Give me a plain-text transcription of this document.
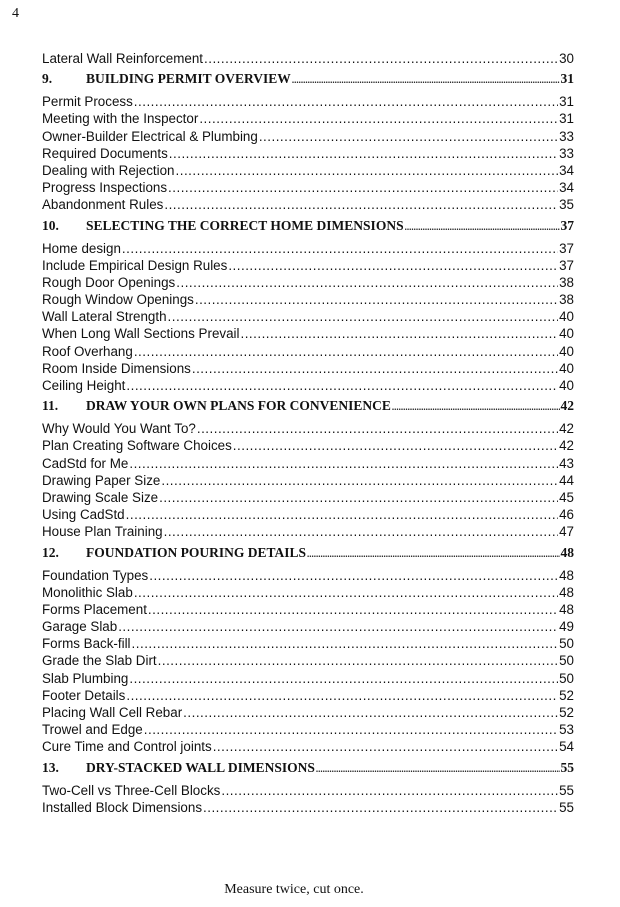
4
Lateral Wall Reinforcement .....	30
9.	BUILDING PERMIT OVERVIEW .....	31
Permit Process .....	31
Meeting with the Inspector .....	31
Owner-Builder Electrical & Plumbing .....	33
Required Documents .....	33
Dealing with Rejection .....	34
Progress Inspections .....	34
Abandonment Rules .....	35
10.	SELECTING THE CORRECT HOME DIMENSIONS .....	37
Home design .....	37
Include Empirical Design Rules .....	37
Rough Door Openings .....	38
Rough Window Openings .....	38
Wall Lateral Strength .....	40
When Long Wall Sections Prevail .....	40
Roof Overhang .....	40
Room Inside Dimensions .....	40
Ceiling Height .....	40
11.	DRAW YOUR OWN PLANS FOR CONVENIENCE .....	42
Why Would You Want To? .....	42
Plan Creating Software Choices .....	42
CadStd for Me .....	43
Drawing Paper Size .....	44
Drawing Scale Size .....	45
Using CadStd .....	46
House Plan Training .....	47
12.	FOUNDATION POURING DETAILS .....	48
Foundation Types .....	48
Monolithic Slab .....	48
Forms Placement .....	48
Garage Slab .....	49
Forms Back-fill .....	50
Grade the Slab Dirt .....	50
Slab Plumbing .....	50
Footer Details .....	52
Placing Wall Cell Rebar .....	52
Trowel and Edge .....	53
Cure Time and Control joints .....	54
13.	DRY-STACKED WALL DIMENSIONS .....	55
Two-Cell vs Three-Cell Blocks .....	55
Installed Block Dimensions .....	55
Measure twice, cut once.
